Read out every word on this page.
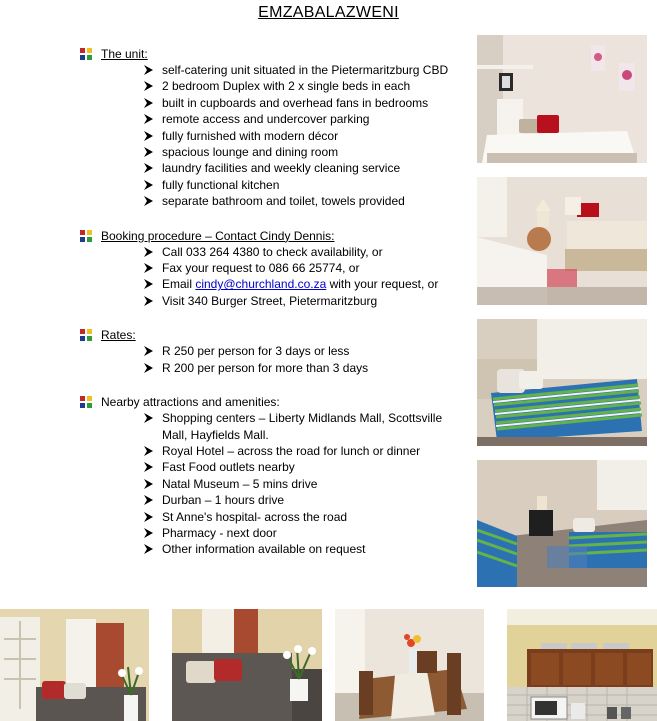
EMZABALAZWENI
The unit:
self-catering unit situated in the Pietermaritzburg CBD
2 bedroom Duplex with 2 x single beds in each
built in cupboards and overhead fans in bedrooms
remote access and undercover parking
fully furnished with modern décor
spacious lounge and dining room
laundry facilities and weekly cleaning service
fully functional kitchen
separate bathroom and toilet, towels provided
Booking procedure – Contact Cindy Dennis:
Call 033 264 4380 to check availability, or
Fax your request to 086 66 25774, or
Email cindy@churchland.co.za with your request, or
Visit 340 Burger Street, Pietermaritzburg
Rates:
R 250 per person for 3 days or less
R 200 per person for more than 3 days
Nearby attractions and amenities:
Shopping centers – Liberty Midlands Mall, Scottsville Mall, Hayfields Mall.
Royal Hotel – across the road for lunch or dinner
Fast Food outlets nearby
Natal Museum – 5 mins drive
Durban – 1 hours drive
St Anne's hospital- across the road
Pharmacy - next door
Other information available on request
